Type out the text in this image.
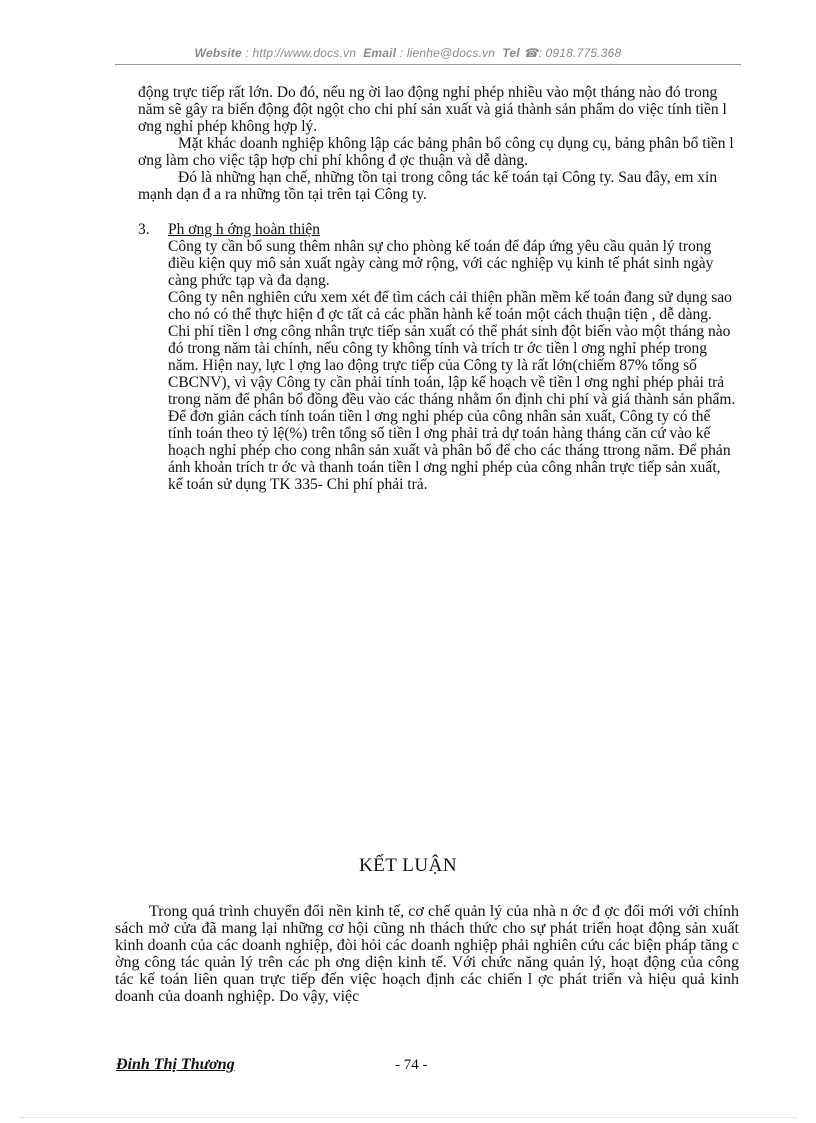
Website : http://www.docs.vn Email : lienhe@docs.vn Tel ☎: 0918.775.368

động trực tiếp rất lớn. Do đó, nếu ng ời lao động nghỉ phép nhiều vào một tháng nào đó trong năm sẽ gây ra biến động đột ngột cho chi phí sản xuất và giá thành sản phẩm do việc tính tiền l ơng nghỉ phép không hợp lý.

Mặt khác doanh nghiệp không lập các bảng phân bổ công cụ dụng cụ, bảng phân bổ tiền l ơng làm cho việc tập hợp chi phí không đ ợc thuận và dễ dàng.

Đó là những hạn chế, những tồn tại trong công tác kế toán tại Công ty. Sau đây, em xin mạnh dạn đ a ra những tồn tại trên tại Công ty.

3.	Ph ơng h ớng hoàn thiện

Công ty cần bổ sung thêm nhân sự cho phòng kế toán để đáp ứng yêu cầu quản lý trong điều kiện quy mô sản xuất ngày càng mở rộng, với các nghiệp vụ kinh tế phát sinh ngày càng phức tạp và đa dạng.

Công ty nên nghiên cứu xem xét để tìm cách cải thiện phần mềm kế toán đang sử dụng sao cho nó có thể thực hiện đ ợc tất cả các phần hành kế toán một cách thuận tiện , dễ dàng.

Chi phí tiền l ơng công nhân trực tiếp sản xuất có thể phát sinh đột biến vào một tháng nào đó trong năm tài chính, nếu công ty không tính và trích tr ớc tiền l ơng nghỉ phép trong năm. Hiện nay, lực l ợng lao động trực tiếp của Công ty là rất lớn(chiếm 87% tổng số CBCNV), vì vậy Công ty cần phải tính toán, lập kế hoạch về tiền l ơng nghỉ phép phải trả trong năm để phân bổ đồng đều vào các tháng nhằm ổn định chi phí và giá thành sản phẩm. Để đơn giản cách tính toán tiền l ơng nghỉ phép của công nhân sản xuất, Công ty có thể tính toán theo tỷ lệ(%) trên tổng số tiền l ơng phải trả dự toán hàng tháng căn cứ vào kế hoạch nghỉ phép cho cong nhân sản xuất và phân bổ để cho các tháng ttrong năm. Để phản ánh khoản trích tr ớc và thanh toán tiền l ơng nghỉ phép của công nhân trực tiếp sản xuất, kế toán sử dụng TK 335- Chi phí phải trả.

KẾT LUẬN
Trong quá trình chuyển đổi nền kinh tế, cơ chế quản lý của nhà n ớc đ ợc đổi mới với chính sách mở cửa đã mang lại những cơ hội cũng nh thách thức cho sự phát triển hoạt động sản xuất kinh doanh của các doanh nghiệp, đòi hỏi các doanh nghiệp phải nghiên cứu các biện pháp tăng c ờng công tác quản lý trên các ph ơng diện kinh tế. Với chức năng quản lý, hoạt động của công tác kế toán liên quan trực tiếp đến việc hoạch định các chiến l ợc phát triển và hiệu quả kinh doanh của doanh nghiệp. Do vậy, việc
Đinh Thị Thương	- 74 -
